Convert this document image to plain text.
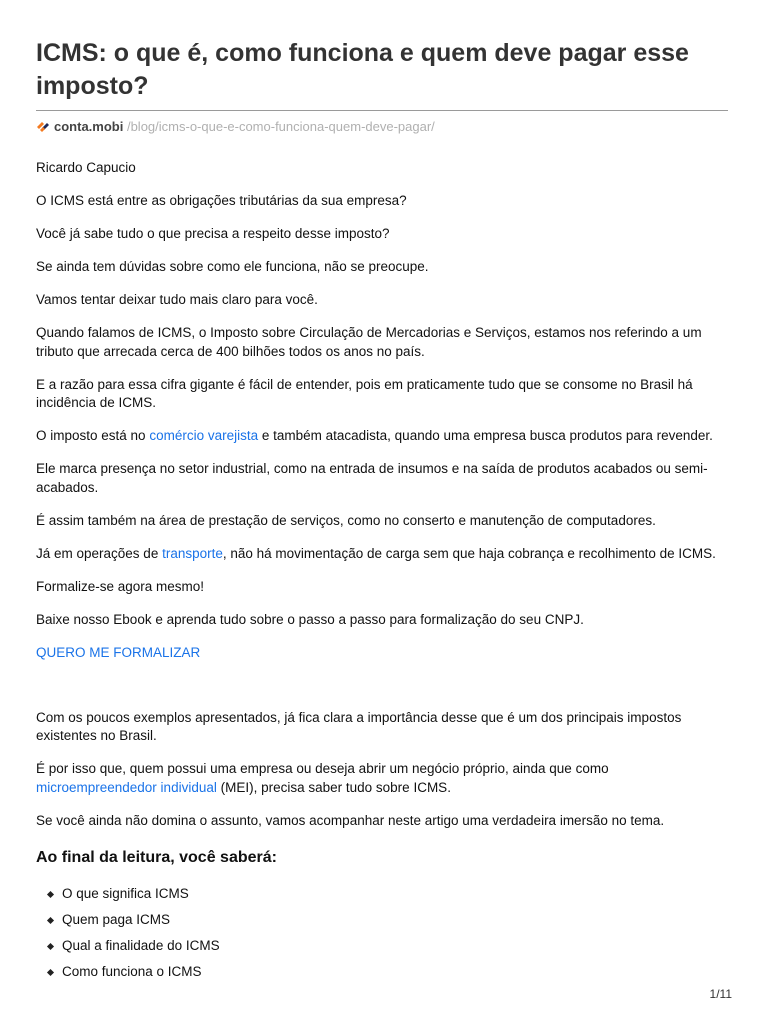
ICMS: o que é, como funciona e quem deve pagar esse imposto?
conta.mobi /blog/icms-o-que-e-como-funciona-quem-deve-pagar/

Ricardo Capucio

O ICMS está entre as obrigações tributárias da sua empresa?

Você já sabe tudo o que precisa a respeito desse imposto?

Se ainda tem dúvidas sobre como ele funciona, não se preocupe.

Vamos tentar deixar tudo mais claro para você.

Quando falamos de ICMS, o Imposto sobre Circulação de Mercadorias e Serviços, estamos nos referindo a um tributo que arrecada cerca de 400 bilhões todos os anos no país.

E a razão para essa cifra gigante é fácil de entender, pois em praticamente tudo que se consome no Brasil há incidência de ICMS.

O imposto está no comércio varejista e também atacadista, quando uma empresa busca produtos para revender.

Ele marca presença no setor industrial, como na entrada de insumos e na saída de produtos acabados ou semi-acabados.

É assim também na área de prestação de serviços, como no conserto e manutenção de computadores.

Já em operações de transporte, não há movimentação de carga sem que haja cobrança e recolhimento de ICMS.

Formalize-se agora mesmo!

Baixe nosso Ebook e aprenda tudo sobre o passo a passo para formalização do seu CNPJ.

QUERO ME FORMALIZAR

Com os poucos exemplos apresentados, já fica clara a importância desse que é um dos principais impostos existentes no Brasil.

É por isso que, quem possui uma empresa ou deseja abrir um negócio próprio, ainda que como microempreendedor individual (MEI), precisa saber tudo sobre ICMS.

Se você ainda não domina o assunto, vamos acompanhar neste artigo uma verdadeira imersão no tema.

Ao final da leitura, você saberá:
O que significa ICMS
Quem paga ICMS
Qual a finalidade do ICMS
Como funciona o ICMS
1/11
